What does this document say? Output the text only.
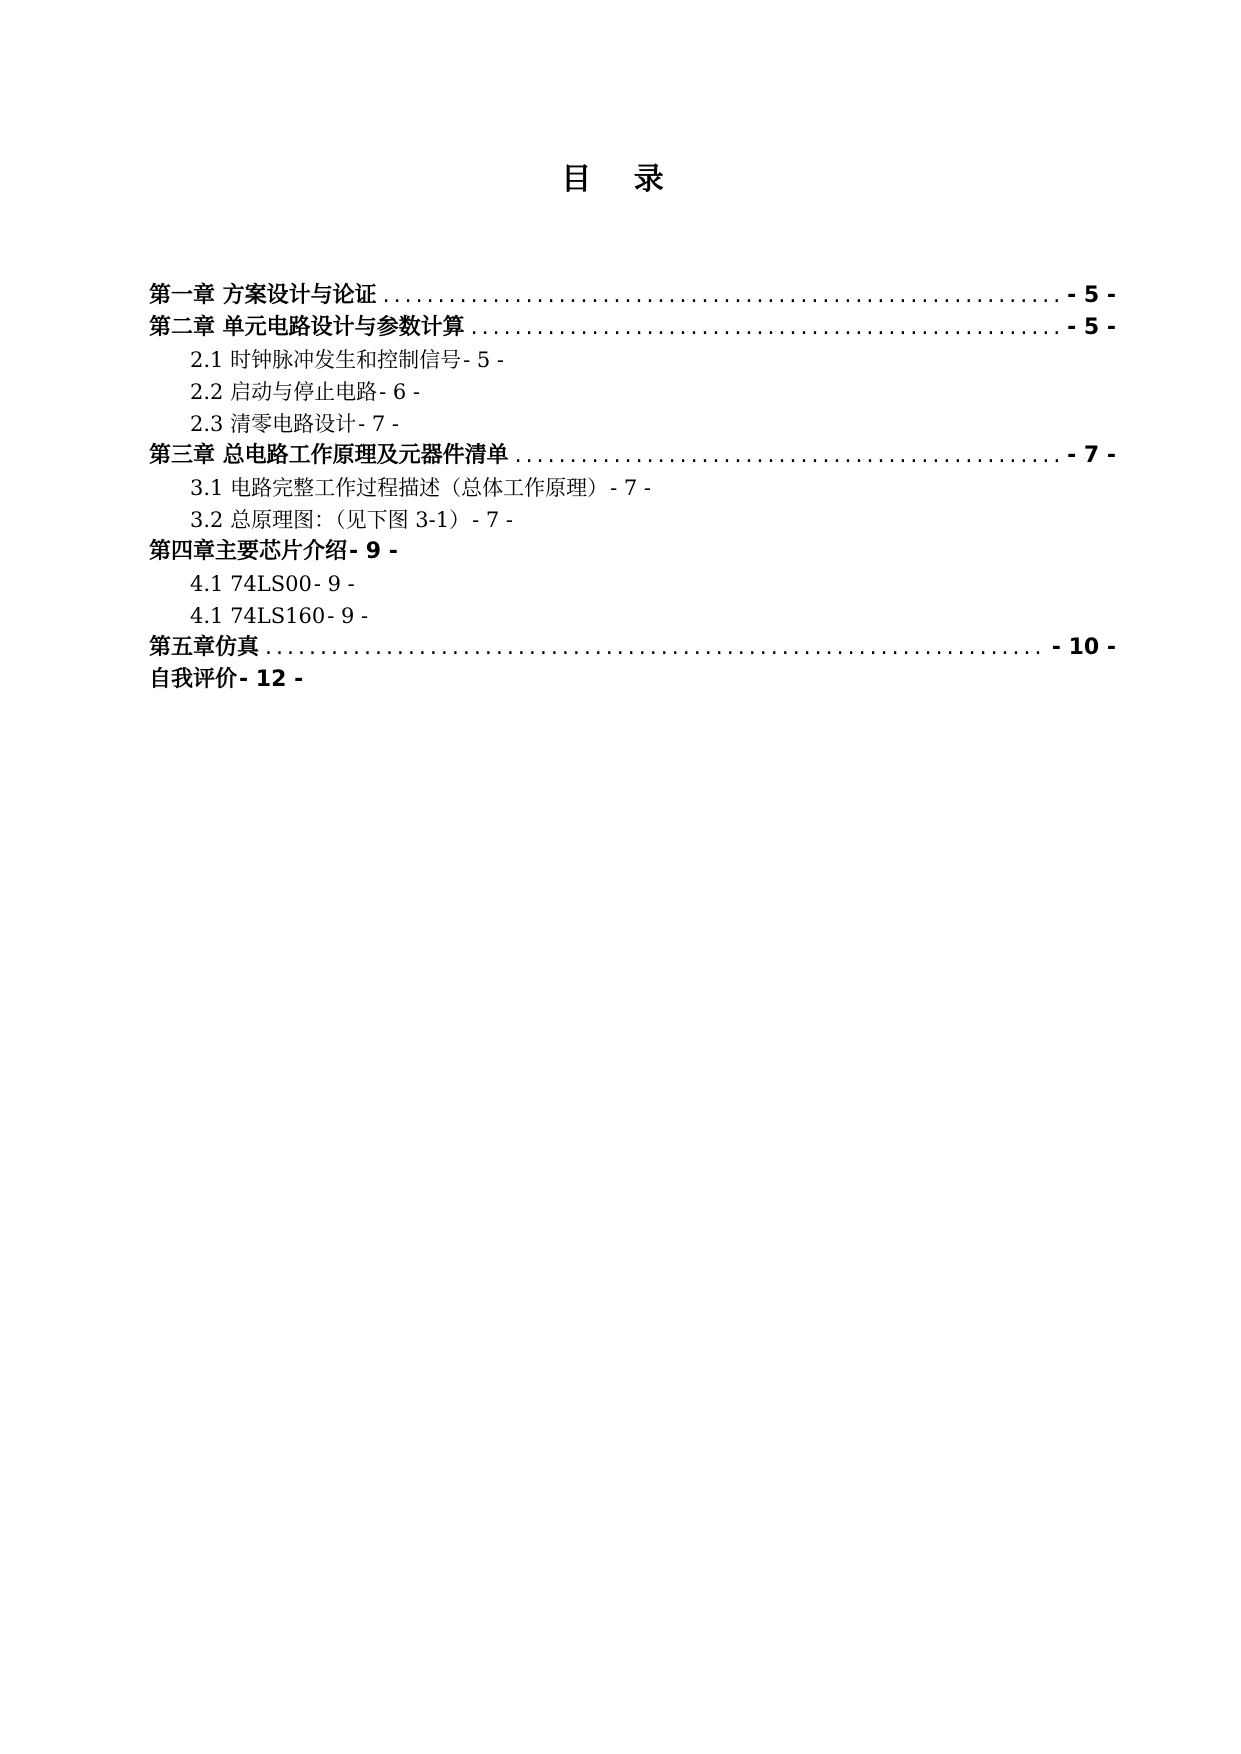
目 录
第一章 方案设计与论证 .....	- 5 -
第二章 单元电路设计与参数计算 .....	- 5 -
2.1 时钟脉冲发生和控制信号 - 5 -
2.2 启动与停止电路 - 6 -
2.3 清零电路设计 - 7 -
第三章 总电路工作原理及元器件清单 .....	- 7 -
3.1 电路完整工作过程描述（总体工作原理） - 7 -
3.2 总原理图：（见下图 3-1） - 7 -
第四章主要芯片介绍 - 9 -
4.1 74LS00 - 9 -
4.1 74LS160 - 9 -
第五章仿真 .....	- 10 -
自我评价 - 12 -
